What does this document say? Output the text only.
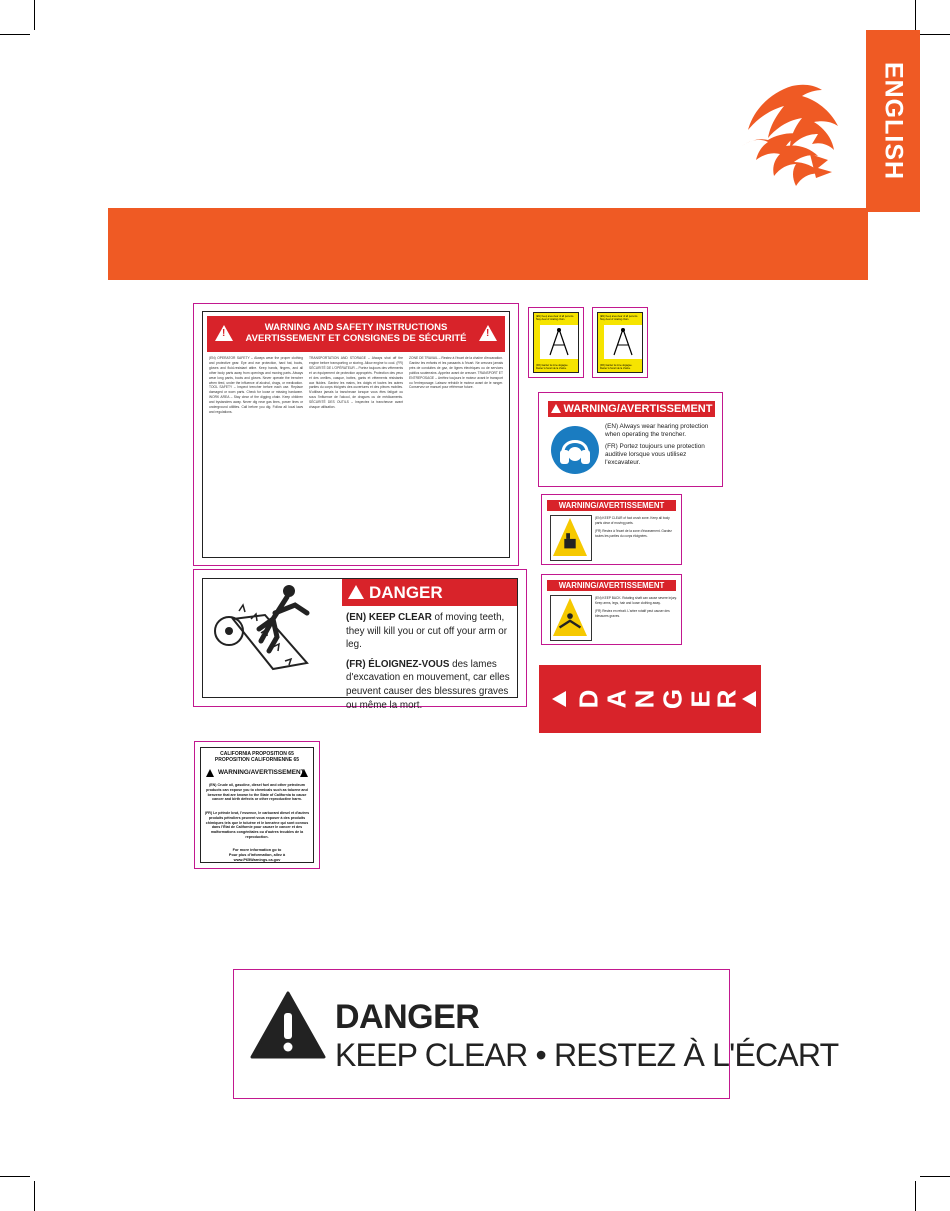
ENGLISH
!
!
WARNING AND SAFETY INSTRUCTIONS
AVERTISSEMENT ET CONSIGNES DE SÉCURITÉ
(EN) OPERATOR SAFETY – Always wear the proper clothing and protective gear. Eye and ear protection, hard hat, boots, gloves and fluid-resistant attire. Keep hands, fingers, and all other body parts away from openings and moving parts. Always wear long pants, boots and gloves. Never operate the trencher when tired, under the influence of alcohol, drugs, or medication. TOOL SAFETY – Inspect trencher before each use. Replace damaged or worn parts. Check for loose or missing hardware. WORK AREA – Stay clear of the digging chain. Keep children and bystanders away. Never dig near gas lines, power lines or underground utilities. Call before you dig. Follow all local laws and regulations.
TRANSPORTATION AND STORAGE – Always shut off the engine before transporting or storing. Allow engine to cool. (FR) SÉCURITÉ DE L'OPÉRATEUR – Portez toujours des vêtements et un équipement de protection appropriés. Protection des yeux et des oreilles, casque, bottes, gants et vêtements résistants aux fluides. Gardez les mains, les doigts et toutes les autres parties du corps éloignés des ouvertures et des pièces mobiles. N'utilisez jamais la trancheuse lorsque vous êtes fatigué ou sous l'influence de l'alcool, de drogues ou de médicaments. SÉCURITÉ DES OUTILS – Inspectez la trancheuse avant chaque utilisation.
ZONE DE TRAVAIL – Restez à l'écart de la chaîne d'excavation. Gardez les enfants et les passants à l'écart. Ne creusez jamais près de conduites de gaz, de lignes électriques ou de services publics souterrains. Appelez avant de creuser. TRANSPORT ET ENTREPOSAGE – Arrêtez toujours le moteur avant le transport ou l'entreposage. Laissez refroidir le moteur avant de le ranger. Conservez ce manuel pour référence future.
(EN) Keep area clear of all persons. Stay clear of rotating chain.
(FR) Gardez la zone dégagée. Restez à l'écart de la chaîne.
(EN) Keep area clear of all persons. Stay clear of rotating chain.
(FR) Gardez la zone dégagée. Restez à l'écart de la chaîne.
WARNING/AVERTISSEMENT
(EN) Always wear hearing protection when operating the trencher.
(FR) Portez toujours une protection auditive lorsque vous utilisez l'excavateur.
WARNING/AVERTISSEMENT
(EN) KEEP CLEAR of foot crush zone. Keep all body parts clear of moving parts.
(FR) Restez à l'écart de la zone d'écrasement. Gardez toutes les parties du corps éloignées.
WARNING/AVERTISSEMENT
(EN) KEEP BACK. Rotating shaft can cause severe injury. Keep arms, legs, hair and loose clothing away.
(FR) Restez en retrait. L'arbre rotatif peut causer des blessures graves.
DANGER
(EN) KEEP CLEAR of moving teeth, they will kill you or cut off your arm or leg.
(FR) ÉLOIGNEZ-VOUS des lames d'excavation en mouvement, car elles peuvent causer des blessures graves ou même la mort.	D
A
N
G
E
R
CALIFORNIA PROPOSITION 65
PROPOSITION CALIFORNIENNE 65
WARNING/AVERTISSEMENT
(EN) Crude oil, gasoline, diesel fuel and other petroleum products can expose you to chemicals such as toluene and benzene that are known to the State of California to cause cancer and birth defects or other reproductive harm.
(FR) Le pétrole brut, l'essence, le carburant diesel et d'autres produits pétroliers peuvent vous exposer à des produits chimiques tels que le toluène et le benzène qui sont connus dans l'État de Californie pour causer le cancer et des malformations congénitales ou d'autres troubles de la reproduction.
For more information go to
Pour plus d'information, allez à
www.P65Warnings.ca.gov
DANGER
KEEP CLEAR • RESTEZ À L'ÉCART
